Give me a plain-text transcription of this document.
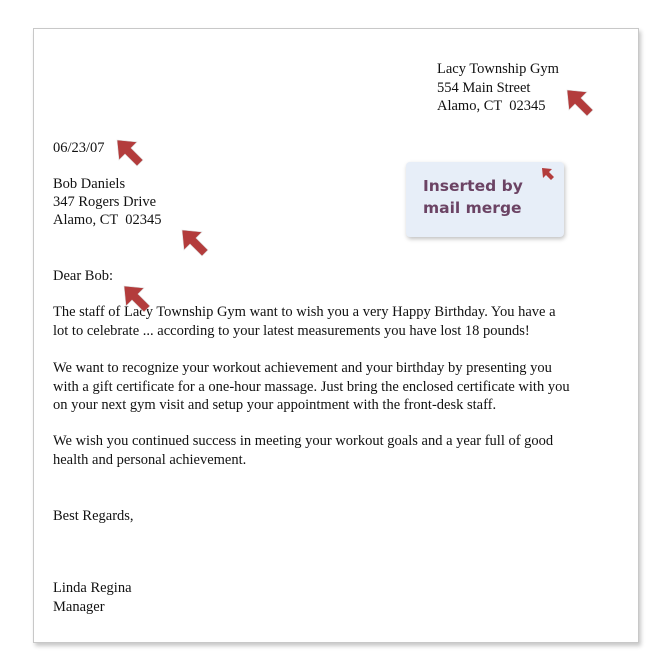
Lacy Township Gym
554 Main Street
Alamo, CT  02345
06/23/07
Bob Daniels
347 Rogers Drive
Alamo, CT  02345
Dear Bob:
The staff of Lacy Township Gym want to wish you a very Happy Birthday. You have a
lot to celebrate ... according to your latest measurements you have lost 18 pounds!
We want to recognize your workout achievement and your birthday by presenting you
with a gift certificate for a one-hour massage. Just bring the enclosed certificate with you
on your next gym visit and setup your appointment with the front-desk staff.
We wish you continued success in meeting your workout goals and a year full of good
health and personal achievement.
Best Regards,
Linda Regina
Manager
Inserted by
mail merge
